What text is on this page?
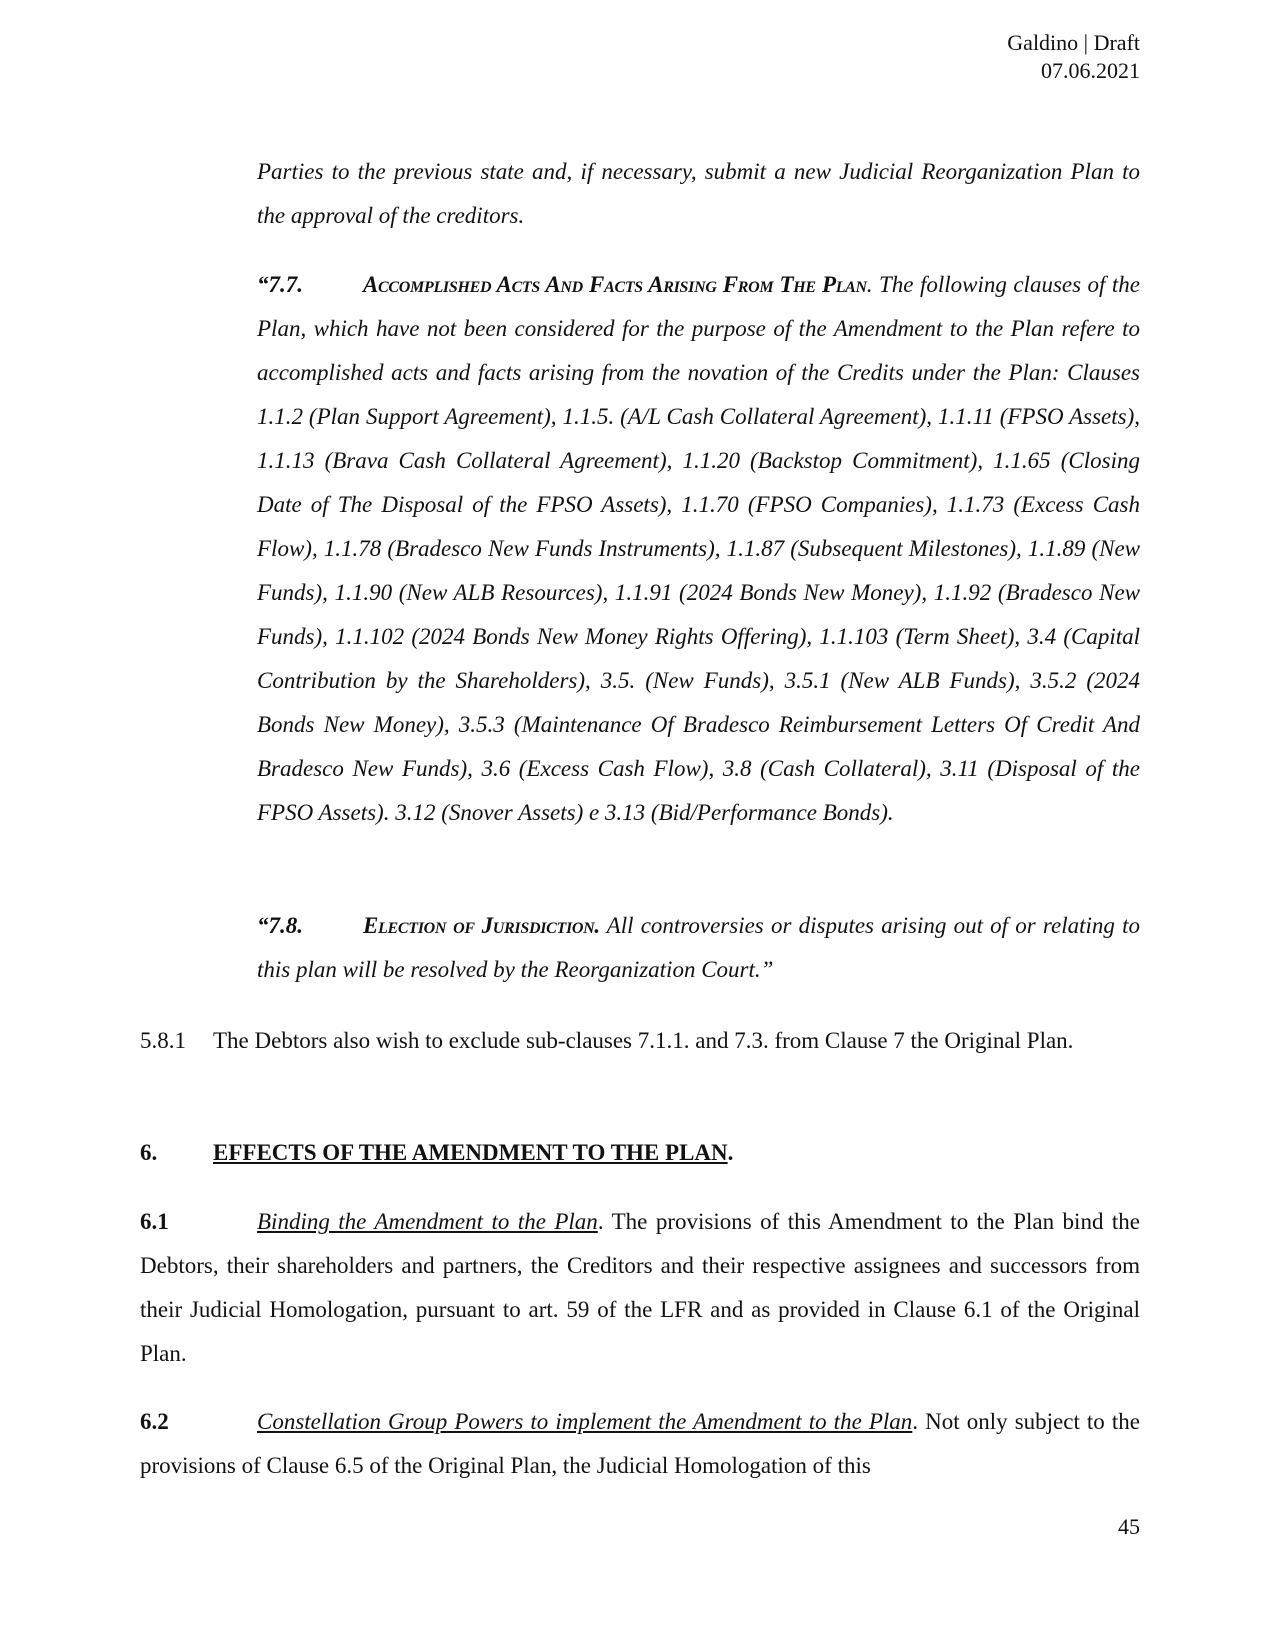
Galdino | Draft
07.06.2021
Parties to the previous state and, if necessary, submit a new Judicial Reorganization Plan to the approval of the creditors.
“7.7.	Accomplished Acts And Facts Arising From The Plan. The following clauses of the Plan, which have not been considered for the purpose of the Amendment to the Plan refere to accomplished acts and facts arising from the novation of the Credits under the Plan: Clauses 1.1.2 (Plan Support Agreement), 1.1.5. (A/L Cash Collateral Agreement), 1.1.11 (FPSO Assets), 1.1.13 (Brava Cash Collateral Agreement), 1.1.20 (Backstop Commitment), 1.1.65 (Closing Date of The Disposal of the FPSO Assets), 1.1.70 (FPSO Companies), 1.1.73 (Excess Cash Flow), 1.1.78 (Bradesco New Funds Instruments), 1.1.87 (Subsequent Milestones), 1.1.89 (New Funds), 1.1.90 (New ALB Resources), 1.1.91 (2024 Bonds New Money), 1.1.92 (Bradesco New Funds), 1.1.102 (2024 Bonds New Money Rights Offering), 1.1.103 (Term Sheet), 3.4 (Capital Contribution by the Shareholders), 3.5. (New Funds), 3.5.1 (New ALB Funds), 3.5.2 (2024 Bonds New Money), 3.5.3 (Maintenance Of Bradesco Reimbursement Letters Of Credit And Bradesco New Funds), 3.6 (Excess Cash Flow), 3.8 (Cash Collateral), 3.11 (Disposal of the FPSO Assets). 3.12 (Snover Assets) e 3.13 (Bid/Performance Bonds).
“7.8.	Election of Jurisdiction. All controversies or disputes arising out of or relating to this plan will be resolved by the Reorganization Court.”
5.8.1 The Debtors also wish to exclude sub-clauses 7.1.1. and 7.3. from Clause 7 the Original Plan.
6. EFFECTS OF THE AMENDMENT TO THE PLAN.
6.1	Binding the Amendment to the Plan. The provisions of this Amendment to the Plan bind the Debtors, their shareholders and partners, the Creditors and their respective assignees and successors from their Judicial Homologation, pursuant to art. 59 of the LFR and as provided in Clause 6.1 of the Original Plan.
6.2	Constellation Group Powers to implement the Amendment to the Plan. Not only subject to the provisions of Clause 6.5 of the Original Plan, the Judicial Homologation of this
45
